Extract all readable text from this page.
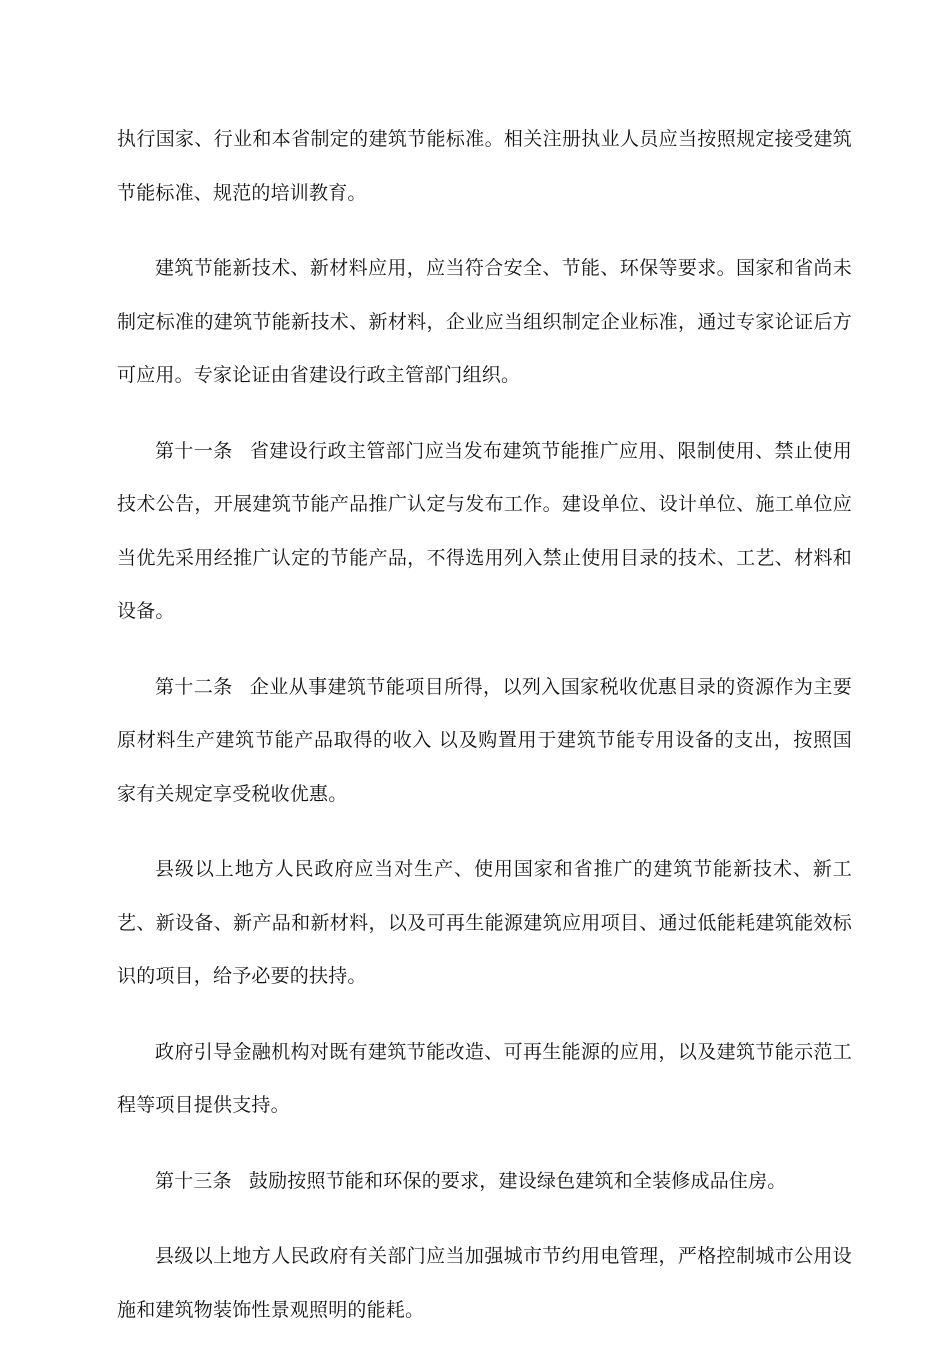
执行国家、行业和本省制定的建筑节能标准。相关注册执业人员应当按照规定接受建筑节能标准、规范的培训教育。

建筑节能新技术、新材料应用，应当符合安全、节能、环保等要求。国家和省尚未制定标准的建筑节能新技术、新材料，企业应当组织制定企业标准，通过专家论证后方可应用。专家论证由省建设行政主管部门组织。

第十一条 省建设行政主管部门应当发布建筑节能推广应用、限制使用、禁止使用技术公告，开展建筑节能产品推广认定与发布工作。建设单位、设计单位、施工单位应当优先采用经推广认定的节能产品，不得选用列入禁止使用目录的技术、工艺、材料和设备。

第十二条 企业从事建筑节能项目所得，以列入国家税收优惠目录的资源作为主要原材料生产建筑节能产品取得的收入 以及购置用于建筑节能专用设备的支出，按照国家有关规定享受税收优惠。

县级以上地方人民政府应当对生产、使用国家和省推广的建筑节能新技术、新工艺、新设备、新产品和新材料，以及可再生能源建筑应用项目、通过低能耗建筑能效标识的项目，给予必要的扶持。

政府引导金融机构对既有建筑节能改造、可再生能源的应用，以及建筑节能示范工程等项目提供支持。

第十三条 鼓励按照节能和环保的要求，建设绿色建筑和全装修成品住房。

县级以上地方人民政府有关部门应当加强城市节约用电管理，严格控制城市公用设施和建筑物装饰性景观照明的能耗。
